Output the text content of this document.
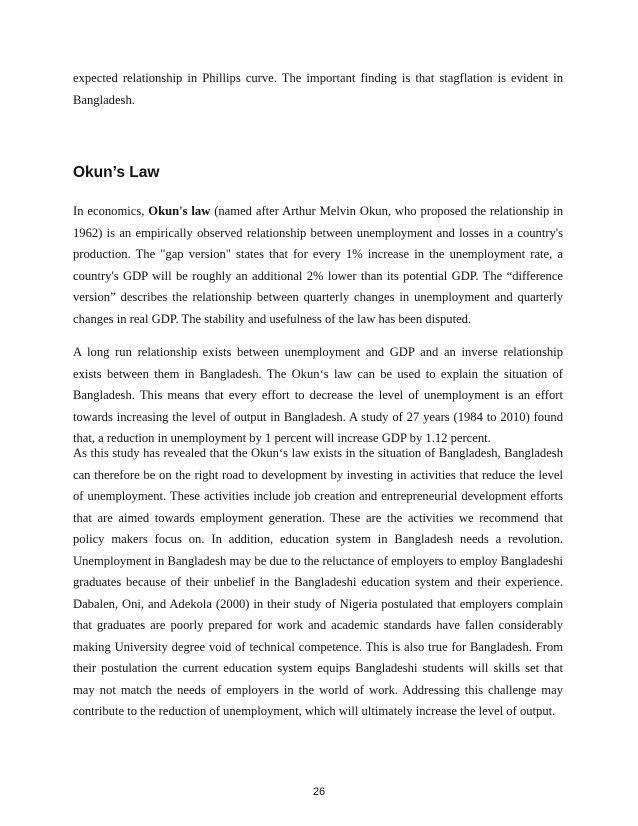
expected relationship in Phillips curve. The important finding is that stagflation is evident in Bangladesh.

Okun’s Law

In economics, Okun's law (named after Arthur Melvin Okun, who proposed the relationship in 1962) is an empirically observed relationship between unemployment and losses in a country's production. The "gap version" states that for every 1% increase in the unemployment rate, a country's GDP will be roughly an additional 2% lower than its potential GDP. The “difference version” describes the relationship between quarterly changes in unemployment and quarterly changes in real GDP. The stability and usefulness of the law has been disputed.

A long run relationship exists between unemployment and GDP and an inverse relationship exists between them in Bangladesh. The Okun‘s law can be used to explain the situation of Bangladesh. This means that every effort to decrease the level of unemployment is an effort towards increasing the level of output in Bangladesh. A study of 27 years (1984 to 2010) found that, a reduction in unemployment by 1 percent will increase GDP by 1.12 percent.

As this study has revealed that the Okun‘s law exists in the situation of Bangladesh, Bangladesh can therefore be on the right road to development by investing in activities that reduce the level of unemployment. These activities include job creation and entrepreneurial development efforts that are aimed towards employment generation. These are the activities we recommend that policy makers focus on. In addition, education system in Bangladesh needs a revolution. Unemployment in Bangladesh may be due to the reluctance of employers to employ Bangladeshi graduates because of their unbelief in the Bangladeshi education system and their experience. Dabalen, Oni, and Adekola (2000) in their study of Nigeria postulated that employers complain that graduates are poorly prepared for work and academic standards have fallen considerably making University degree void of technical competence. This is also true for Bangladesh. From their postulation the current education system equips Bangladeshi students will skills set that may not match the needs of employers in the world of work. Addressing this challenge may contribute to the reduction of unemployment, which will ultimately increase the level of output.

26
